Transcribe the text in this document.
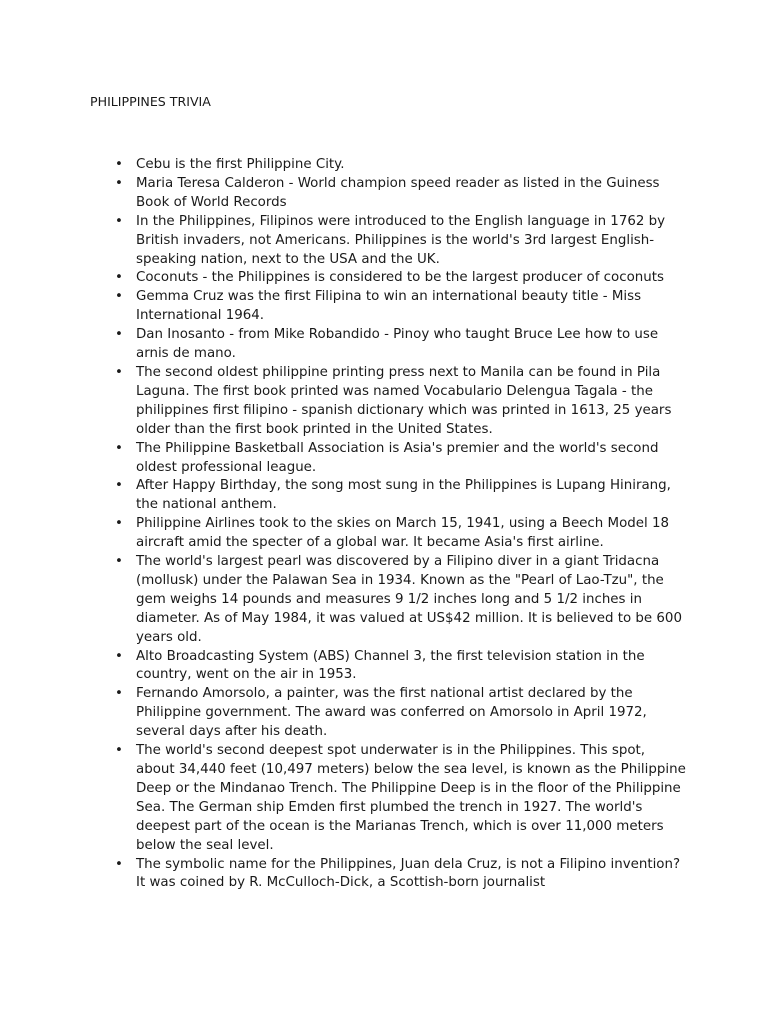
PHILIPPINES TRIVIA
• Cebu is the first Philippine City.
• Maria Teresa Calderon - World champion speed reader as listed in the Guiness Book of World Records
• In the Philippines, Filipinos were introduced to the English language in 1762 by British invaders, not Americans. Philippines is the world's 3rd largest English-speaking nation, next to the USA and the UK.
• Coconuts - the Philippines is considered to be the largest producer of coconuts
• Gemma Cruz was the first Filipina to win an international beauty title - Miss International 1964.
• Dan Inosanto - from Mike Robandido - Pinoy who taught Bruce Lee how to use arnis de mano.
• The second oldest philippine printing press next to Manila can be found in Pila Laguna. The first book printed was named Vocabulario Delengua Tagala - the philippines first filipino - spanish dictionary which was printed in 1613, 25 years older than the first book printed in the United States.
• The Philippine Basketball Association is Asia's premier and the world's second oldest professional league.
• After Happy Birthday, the song most sung in the Philippines is Lupang Hinirang, the national anthem.
• Philippine Airlines took to the skies on March 15, 1941, using a Beech Model 18 aircraft amid the specter of a global war. It became Asia's first airline.
• The world's largest pearl was discovered by a Filipino diver in a giant Tridacna (mollusk) under the Palawan Sea in 1934. Known as the "Pearl of Lao-Tzu", the gem weighs 14 pounds and measures 9 1/2 inches long and 5 1/2 inches in diameter. As of May 1984, it was valued at US$42 million. It is believed to be 600 years old.
• Alto Broadcasting System (ABS) Channel 3, the first television station in the country, went on the air in 1953.
• Fernando Amorsolo, a painter, was the first national artist declared by the Philippine government. The award was conferred on Amorsolo in April 1972, several days after his death.
• The world's second deepest spot underwater is in the Philippines. This spot, about 34,440 feet (10,497 meters) below the sea level, is known as the Philippine Deep or the Mindanao Trench. The Philippine Deep is in the floor of the Philippine Sea. The German ship Emden first plumbed the trench in 1927. The world's deepest part of the ocean is the Marianas Trench, which is over 11,000 meters below the seal level.
• The symbolic name for the Philippines, Juan dela Cruz, is not a Filipino invention? It was coined by R. McCulloch-Dick, a Scottish-born journalist
